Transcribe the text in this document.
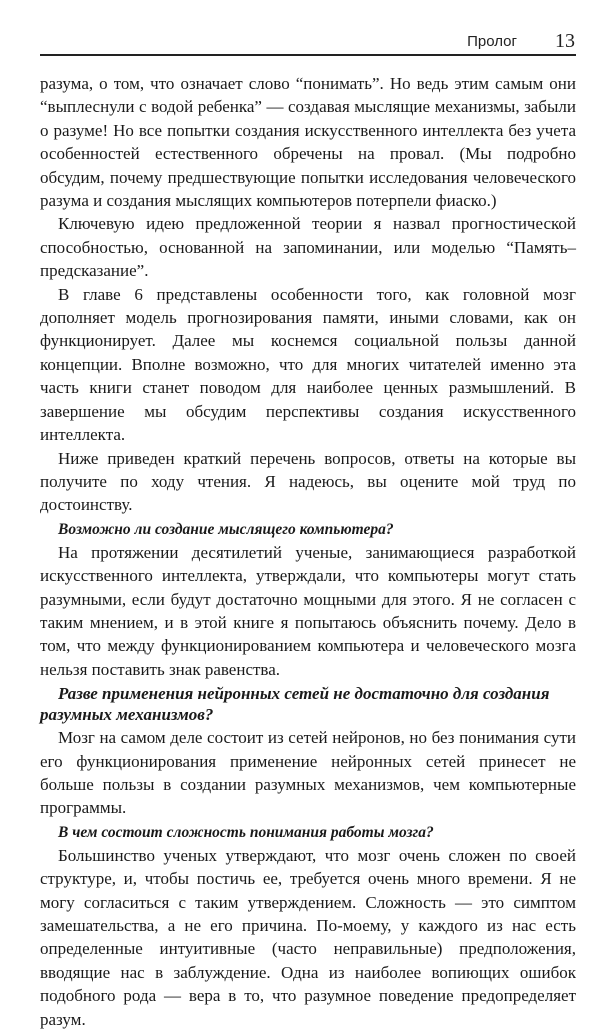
Пролог 13

разума, о том, что означает слово “понимать”. Но ведь этим самым они “выплеснули с водой ребенка” — создавая мыслящие механизмы, забыли о разуме! Но все попытки создания искусственного интеллекта без учета особенностей естественного обречены на провал. (Мы подробно обсудим, почему предшествующие попытки исследования человеческого разума и создания мыслящих компьютеров потерпели фиаско.)

Ключевую идею предложенной теории я назвал прогностической способностью, основанной на запоминании, или моделью “Память–предсказание”.

В главе 6 представлены особенности того, как головной мозг дополняет модель прогнозирования памяти, иными словами, как он функционирует. Далее мы коснемся социальной пользы данной концепции. Вполне возможно, что для многих читателей именно эта часть книги станет поводом для наиболее ценных размышлений. В завершение мы обсудим перспективы создания искусственного интеллекта.

Ниже приведен краткий перечень вопросов, ответы на которые вы получите по ходу чтения. Я надеюсь, вы оцените мой труд по достоинству.

Возможно ли создание мыслящего компьютера?

На протяжении десятилетий ученые, занимающиеся разработкой искусственного интеллекта, утверждали, что компьютеры могут стать разумными, если будут достаточно мощными для этого. Я не согласен с таким мнением, и в этой книге я попытаюсь объяснить почему. Дело в том, что между функционированием компьютера и человеческого мозга нельзя поставить знак равенства.

Разве применения нейронных сетей не достаточно для создания разумных механизмов?

Мозг на самом деле состоит из сетей нейронов, но без понимания сути его функционирования применение нейронных сетей принесет не больше пользы в создании разумных механизмов, чем компьютерные программы.

В чем состоит сложность понимания работы мозга?

Большинство ученых утверждают, что мозг очень сложен по своей структуре, и, чтобы постичь ее, требуется очень много времени. Я не могу согласиться с таким утверждением. Сложность — это симптом замешательства, а не его причина. По-моему, у каждого из нас есть определенные интуитивные (часто неправильные) предположения, вводящие нас в заблуждение. Одна из наиболее вопиющих ошибок подобного рода — вера в то, что разумное поведение предопределяет разум.
